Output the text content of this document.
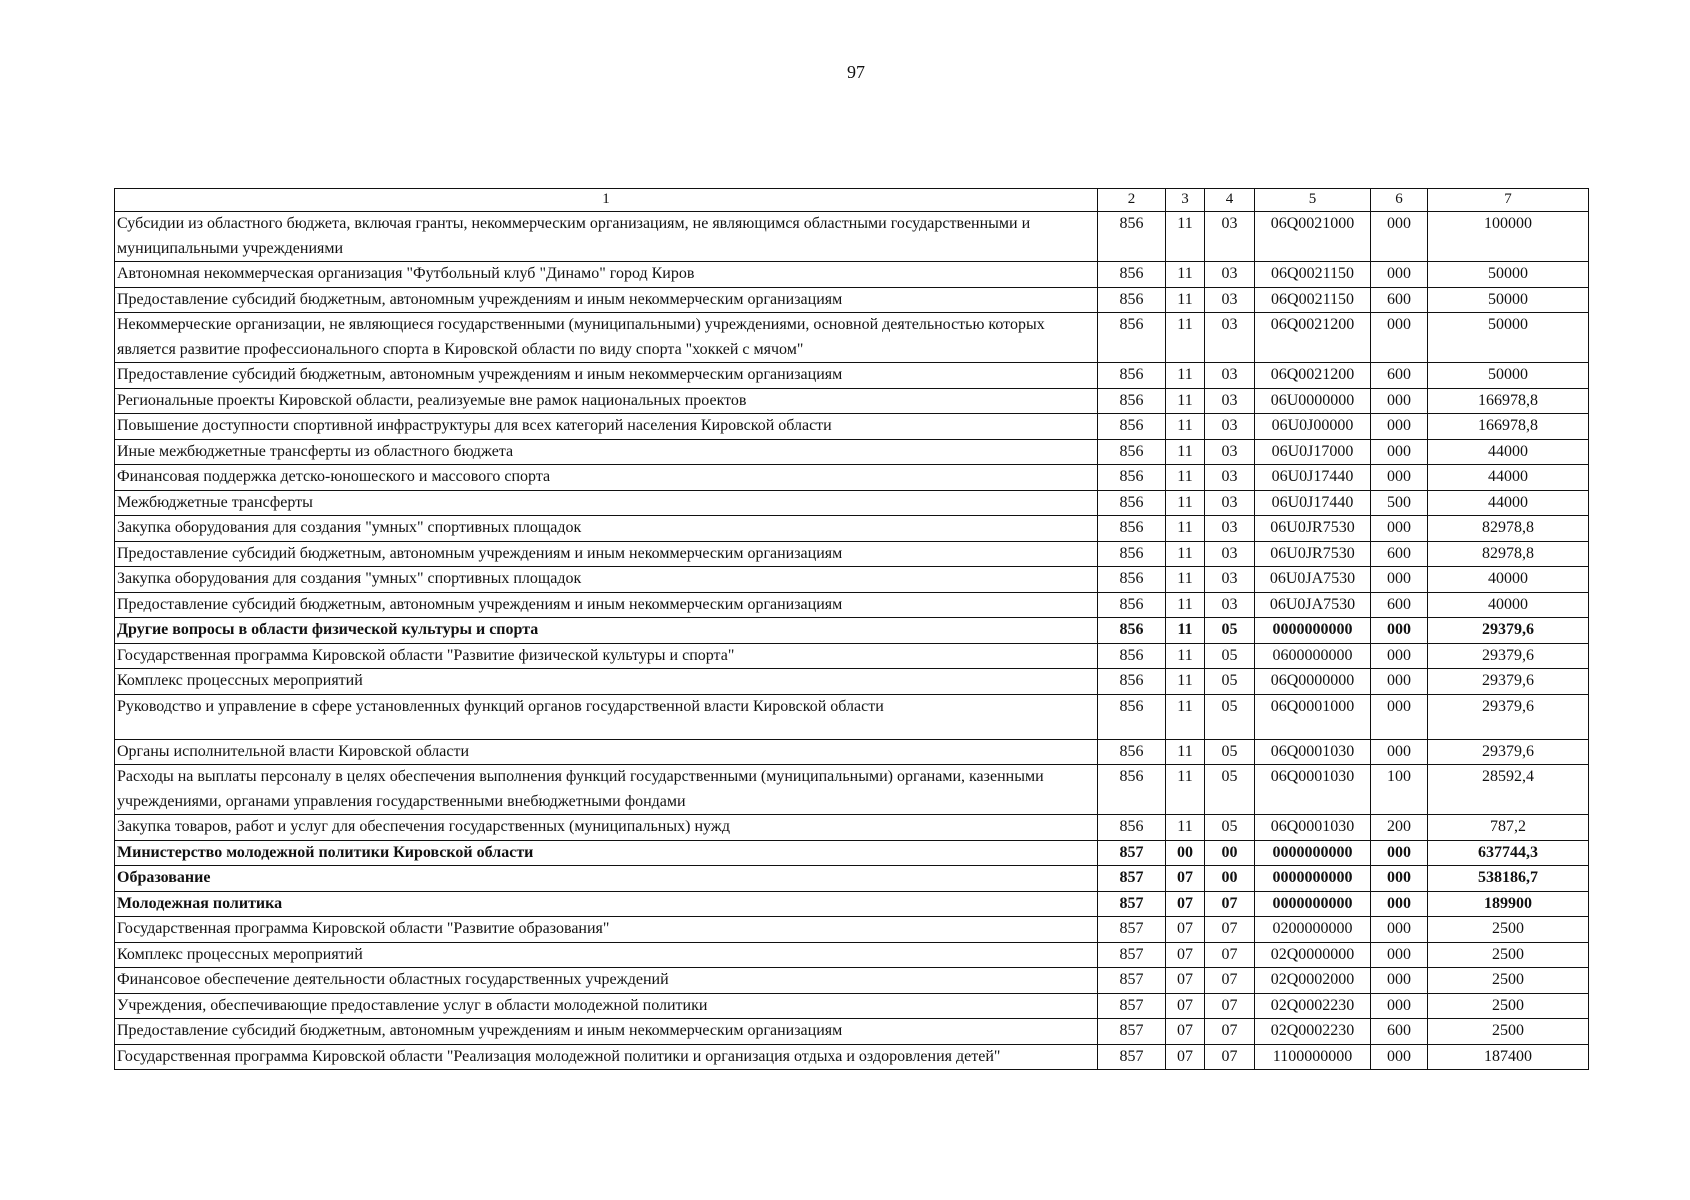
97
1	2	3	4	5	6	7
Субсидии из областного бюджета, включая гранты, некоммерческим организациям, не являющимся областными государственными и муниципальными учреждениями	856	11	03	06Q0021000	000	100000
Автономная некоммерческая организация "Футбольный клуб "Динамо" город Киров	856	11	03	06Q0021150	000	50000
Предоставление субсидий бюджетным, автономным учреждениям и иным некоммерческим организациям	856	11	03	06Q0021150	600	50000
Некоммерческие организации, не являющиеся государственными (муниципальными) учреждениями, основной деятельностью которых является развитие профессионального спорта в Кировской области по виду спорта "хоккей с мячом"	856	11	03	06Q0021200	000	50000
Предоставление субсидий бюджетным, автономным учреждениям и иным некоммерческим организациям	856	11	03	06Q0021200	600	50000
Региональные проекты Кировской области, реализуемые вне рамок национальных проектов	856	11	03	06U0000000	000	166978,8
Повышение доступности спортивной инфраструктуры для всех категорий населения Кировской области	856	11	03	06U0J00000	000	166978,8
Иные межбюджетные трансферты из областного бюджета	856	11	03	06U0J17000	000	44000
Финансовая поддержка детско-юношеского и массового спорта	856	11	03	06U0J17440	000	44000
Межбюджетные трансферты	856	11	03	06U0J17440	500	44000
Закупка оборудования для создания "умных" спортивных площадок	856	11	03	06U0JR7530	000	82978,8
Предоставление субсидий бюджетным, автономным учреждениям и иным некоммерческим организациям	856	11	03	06U0JR7530	600	82978,8
Закупка оборудования для создания "умных" спортивных площадок	856	11	03	06U0JA7530	000	40000
Предоставление субсидий бюджетным, автономным учреждениям и иным некоммерческим организациям	856	11	03	06U0JA7530	600	40000
Другие вопросы в области физической культуры и спорта	856	11	05	0000000000	000	29379,6
Государственная программа Кировской области "Развитие физической культуры и спорта"	856	11	05	0600000000	000	29379,6
Комплекс процессных мероприятий	856	11	05	06Q0000000	000	29379,6
Руководство и управление в сфере установленных функций органов государственной власти Кировской области	856	11	05	06Q0001000	000	29379,6
Органы исполнительной власти Кировской области	856	11	05	06Q0001030	000	29379,6
Расходы на выплаты персоналу в целях обеспечения выполнения функций государственными (муниципальными) органами, казенными учреждениями, органами управления государственными внебюджетными фондами	856	11	05	06Q0001030	100	28592,4
Закупка товаров, работ и услуг для обеспечения государственных (муниципальных) нужд	856	11	05	06Q0001030	200	787,2
Министерство молодежной политики Кировской области	857	00	00	0000000000	000	637744,3
Образование	857	07	00	0000000000	000	538186,7
Молодежная политика	857	07	07	0000000000	000	189900
Государственная программа Кировской области "Развитие образования"	857	07	07	0200000000	000	2500
Комплекс процессных мероприятий	857	07	07	02Q0000000	000	2500
Финансовое обеспечение деятельности областных государственных учреждений	857	07	07	02Q0002000	000	2500
Учреждения, обеспечивающие предоставление услуг в области молодежной политики	857	07	07	02Q0002230	000	2500
Предоставление субсидий бюджетным, автономным учреждениям и иным некоммерческим организациям	857	07	07	02Q0002230	600	2500
Государственная программа Кировской области "Реализация молодежной политики и организация отдыха и оздоровления детей"	857	07	07	1100000000	000	187400
